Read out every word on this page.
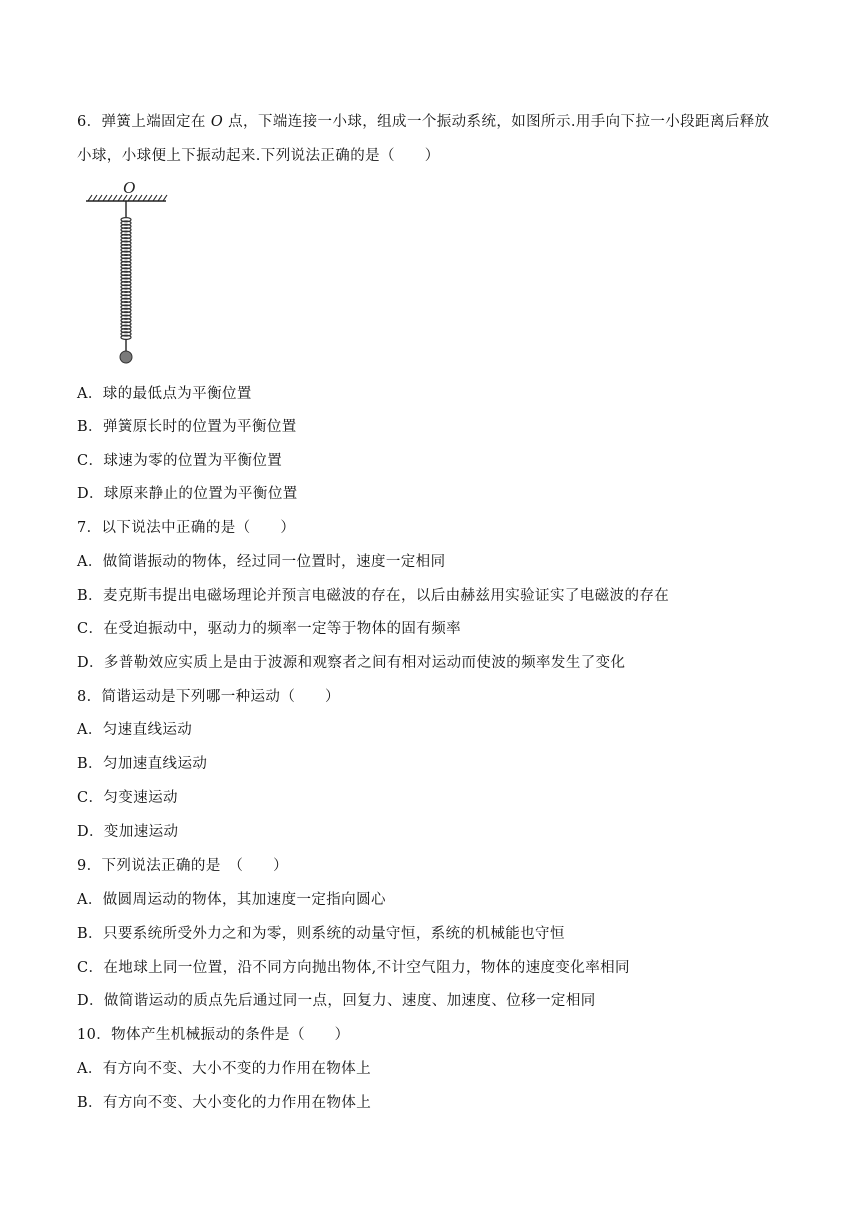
6．弹簧上端固定在 O 点，下端连接一小球，组成一个振动系统，如图所示.用手向下拉一小段距离后释放
小球，小球便上下振动起来.下列说法正确的是（　　）
O
A．球的最低点为平衡位置
B．弹簧原长时的位置为平衡位置
C．球速为零的位置为平衡位置
D．球原来静止的位置为平衡位置
7．以下说法中正确的是（　　）
A．做简谐振动的物体，经过同一位置时，速度一定相同
B．麦克斯韦提出电磁场理论并预言电磁波的存在，以后由赫兹用实验证实了电磁波的存在
C．在受迫振动中，驱动力的频率一定等于物体的固有频率
D．多普勒效应实质上是由于波源和观察者之间有相对运动而使波的频率发生了变化
8．简谐运动是下列哪一种运动（　　）
A．匀速直线运动
B．匀加速直线运动
C．匀变速运动
D．变加速运动
9．下列说法正确的是　（　　）
A．做圆周运动的物体，其加速度一定指向圆心
B．只要系统所受外力之和为零，则系统的动量守恒，系统的机械能也守恒
C．在地球上同一位置，沿不同方向抛出物体,不计空气阻力，物体的速度变化率相同
D．做简谐运动的质点先后通过同一点，回复力、速度、加速度、位移一定相同
10．物体产生机械振动的条件是（　　）
A．有方向不变、大小不变的力作用在物体上
B．有方向不变、大小变化的力作用在物体上
